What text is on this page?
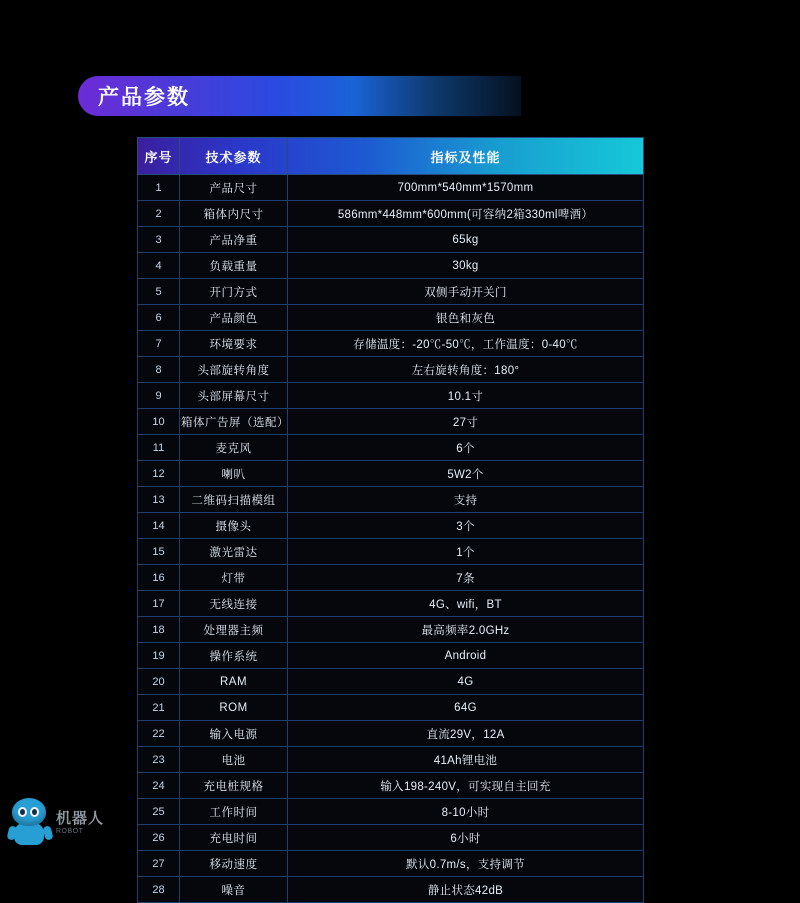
产品参数
序号	技术参数	指标及性能
1	产品尺寸	700mm*540mm*1570mm
2	箱体内尺寸	586mm*448mm*600mm(可容纳2箱330ml啤酒）
3	产品净重	65kg
4	负载重量	30kg
5	开门方式	双侧手动开关门
6	产品颜色	银色和灰色
7	环境要求	存储温度：-20℃-50℃，工作温度：0-40℃
8	头部旋转角度	左右旋转角度：180°
9	头部屏幕尺寸	10.1寸
10	箱体广告屏（选配）	27寸
11	麦克风	6个
12	喇叭	5W2个
13	二维码扫描模组	支持
14	摄像头	3个
15	激光雷达	1个
16	灯带	7条
17	无线连接	4G、wifi，BT
18	处理器主频	最高频率2.0GHz
19	操作系统	Android
20	RAM	4G
21	ROM	64G
22	输入电源	直流29V，12A
23	电池	41Ah锂电池
24	充电桩规格	输入198-240V，可实现自主回充
25	工作时间	8-10小时
26	充电时间	6小时
27	移动速度	默认0.7m/s，支持调节
28	噪音	静止状态42dB
机器人
ROBOT
